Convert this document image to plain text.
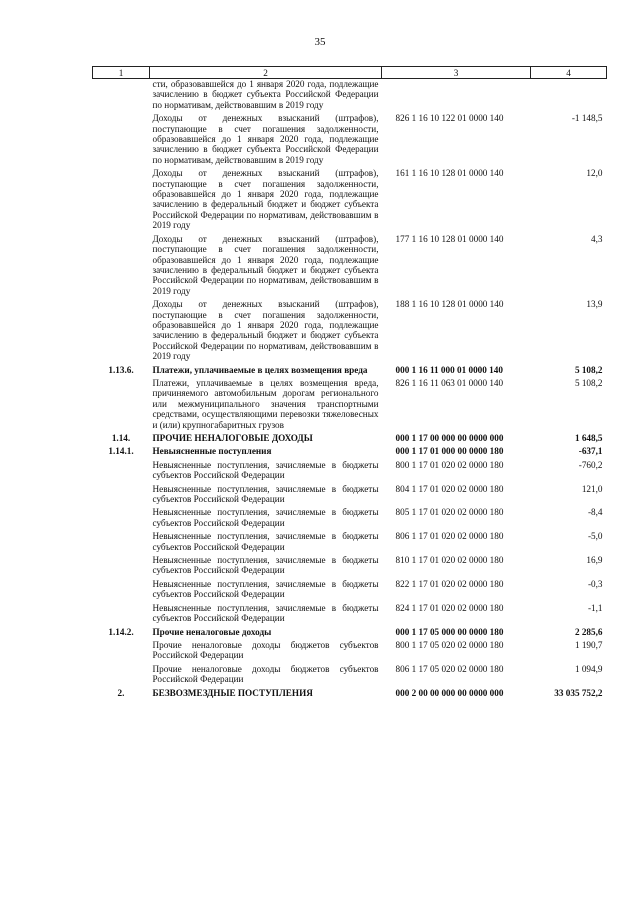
35
1	2	3	4
	сти, образовавшейся до 1 января 2020 года, подлежащие зачислению в бюджет субъекта Российской Федерации по нормативам, действовавшим в 2019 году		
	Доходы от денежных взысканий (штрафов), поступающие в счет погашения задолженности, образовавшейся до 1 января 2020 года, подлежащие зачислению в бюджет субъекта Российской Федерации по нормативам, действовавшим в 2019 году	826 1 16 10 122 01 0000 140	-1 148,5
	Доходы от денежных взысканий (штрафов), поступающие в счет погашения задолженности, образовавшейся до 1 января 2020 года, подлежащие зачислению в федеральный бюджет и бюджет субъекта Российской Федерации по нормативам, действовавшим в 2019 году	161 1 16 10 128 01 0000 140	12,0
	Доходы от денежных взысканий (штрафов), поступающие в счет погашения задолженности, образовавшейся до 1 января 2020 года, подлежащие зачислению в федеральный бюджет и бюджет субъекта Российской Федерации по нормативам, действовавшим в 2019 году	177 1 16 10 128 01 0000 140	4,3
	Доходы от денежных взысканий (штрафов), поступающие в счет погашения задолженности, образовавшейся до 1 января 2020 года, подлежащие зачислению в федеральный бюджет и бюджет субъекта Российской Федерации по нормативам, действовавшим в 2019 году	188 1 16 10 128 01 0000 140	13,9
1.13.6.	Платежи, уплачиваемые в целях возмещения вреда	000 1 16 11 000 01 0000 140	5 108,2
	Платежи, уплачиваемые в целях возмещения вреда, причиняемого автомобильным дорогам регионального или межмуниципального значения транспортными средствами, осуществляющими перевозки тяжеловесных и (или) крупногабаритных грузов	826 1 16 11 063 01 0000 140	5 108,2
1.14.	ПРОЧИЕ НЕНАЛОГОВЫЕ ДОХОДЫ	000 1 17 00 000 00 0000 000	1 648,5
1.14.1.	Невыясненные поступления	000 1 17 01 000 00 0000 180	-637,1
	Невыясненные поступления, зачисляемые в бюджеты субъектов Российской Федерации	800 1 17 01 020 02 0000 180	-760,2
	Невыясненные поступления, зачисляемые в бюджеты субъектов Российской Федерации	804 1 17 01 020 02 0000 180	121,0
	Невыясненные поступления, зачисляемые в бюджеты субъектов Российской Федерации	805 1 17 01 020 02 0000 180	-8,4
	Невыясненные поступления, зачисляемые в бюджеты субъектов Российской Федерации	806 1 17 01 020 02 0000 180	-5,0
	Невыясненные поступления, зачисляемые в бюджеты субъектов Российской Федерации	810 1 17 01 020 02 0000 180	16,9
	Невыясненные поступления, зачисляемые в бюджеты субъектов Российской Федерации	822 1 17 01 020 02 0000 180	-0,3
	Невыясненные поступления, зачисляемые в бюджеты субъектов Российской Федерации	824 1 17 01 020 02 0000 180	-1,1
1.14.2.	Прочие неналоговые доходы	000 1 17 05 000 00 0000 180	2 285,6
	Прочие неналоговые доходы бюджетов субъектов Российской Федерации	800 1 17 05 020 02 0000 180	1 190,7
	Прочие неналоговые доходы бюджетов субъектов Российской Федерации	806 1 17 05 020 02 0000 180	1 094,9
2.	БЕЗВОЗМЕЗДНЫЕ ПОСТУПЛЕНИЯ	000 2 00 00 000 00 0000 000	33 035 752,2
